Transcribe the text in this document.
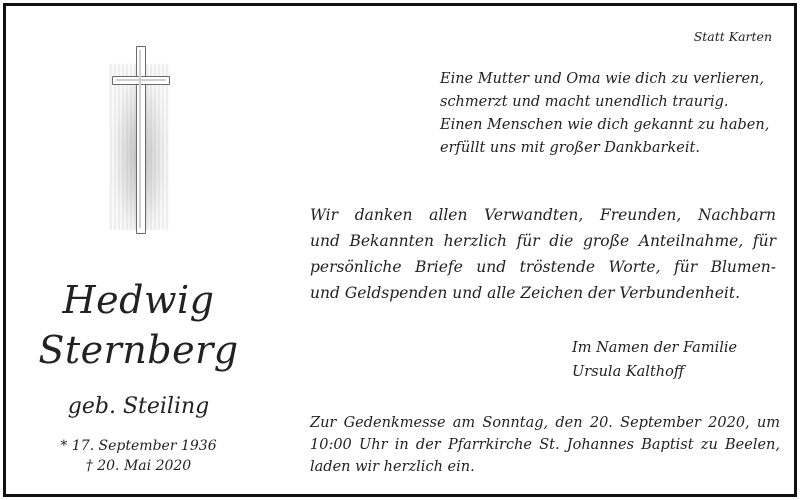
Hedwig
Sternberg
geb. Steiling
* 17. September 1936
† 20. Mai 2020
Statt Karten
Eine Mutter und Oma wie dich zu verlieren,
schmerzt und macht unendlich traurig.
Einen Menschen wie dich gekannt zu haben,
erfüllt uns mit großer Dankbarkeit.
Wir danken allen Verwandten, Freunden, Nachbarn
und Bekannten herzlich für die große Anteilnahme, für
persönliche Briefe und tröstende Worte, für Blumen-
und Geldspenden und alle Zeichen der Verbundenheit.
Im Namen der Familie
Ursula Kalthoff
Zur Gedenkmesse am Sonntag, den 20. September 2020, um
10:00 Uhr in der Pfarrkirche St. Johannes Baptist zu Beelen,
laden wir herzlich ein.
